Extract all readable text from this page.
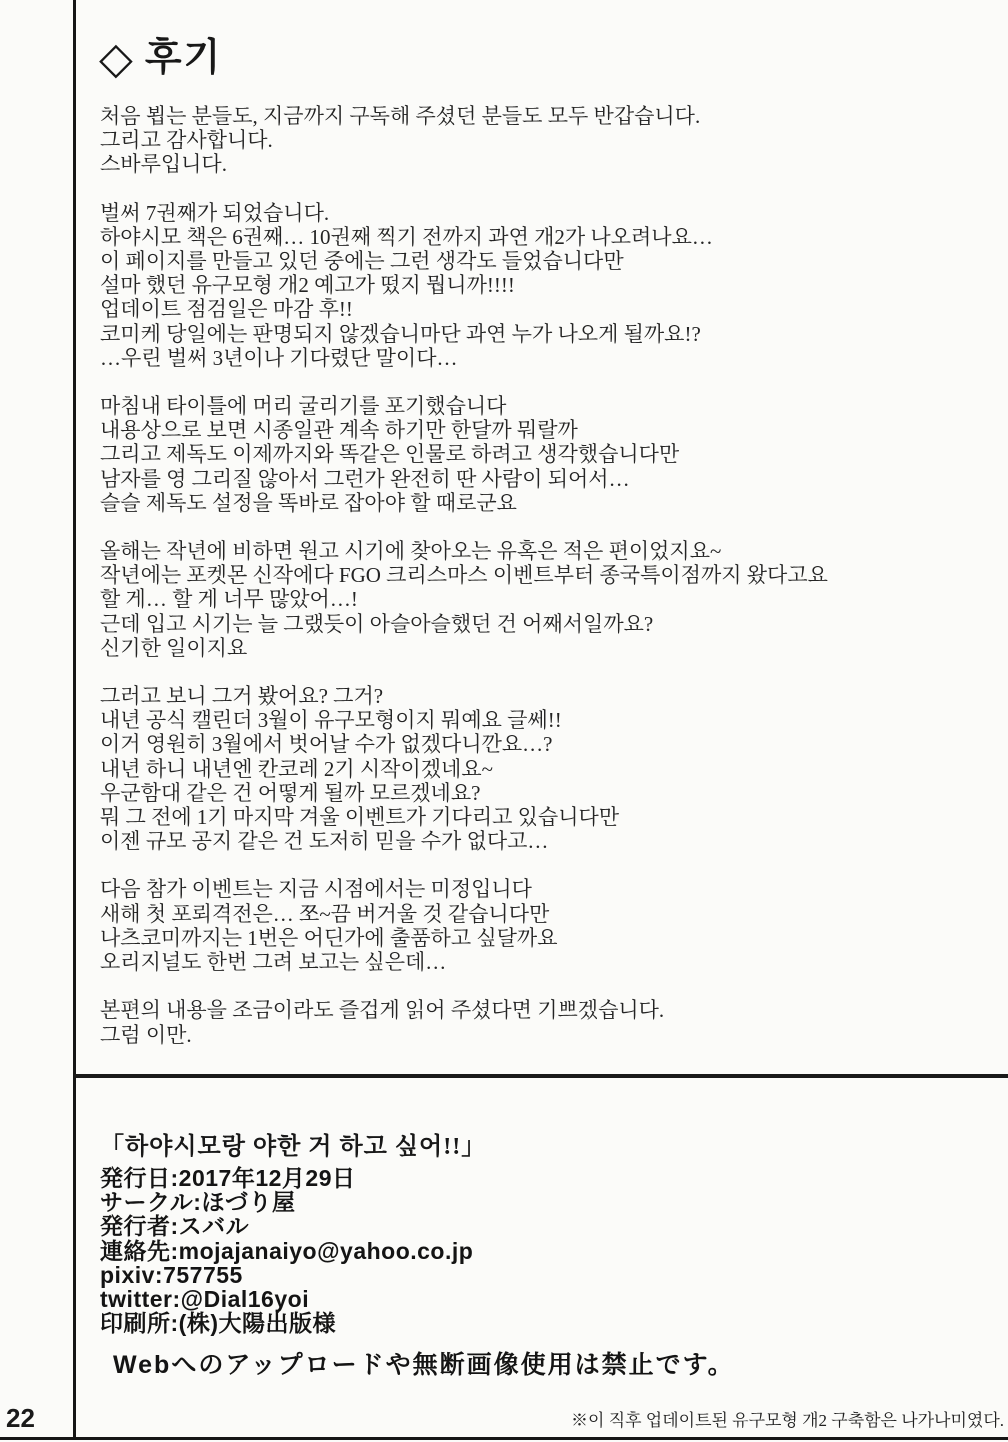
◇ 후기
처음 뵙는 분들도, 지금까지 구독해 주셨던 분들도 모두 반갑습니다.
그리고 감사합니다.
스바루입니다.
벌써 7권째가 되었습니다.
하야시모 책은 6권째… 10권째 찍기 전까지 과연 개2가 나오려나요…
이 페이지를 만들고 있던 중에는 그런 생각도 들었습니다만
설마 했던 유구모형 개2 예고가 떴지 뭡니까!!!!
업데이트 점검일은 마감 후!!
코미케 당일에는 판명되지 않겠습니마단 과연 누가 나오게 될까요!?
…우린 벌써 3년이나 기다렸단 말이다…
마침내 타이틀에 머리 굴리기를 포기했습니다
내용상으로 보면 시종일관 계속 하기만 한달까 뭐랄까
그리고 제독도 이제까지와 똑같은 인물로 하려고 생각했습니다만
남자를 영 그리질 않아서 그런가 완전히 딴 사람이 되어서…
슬슬 제독도 설정을 똑바로 잡아야 할 때로군요
올해는 작년에 비하면 원고 시기에 찾아오는 유혹은 적은 편이었지요~
작년에는 포켓몬 신작에다 FGO 크리스마스 이벤트부터 종국특이점까지 왔다고요
할 게… 할 게 너무 많았어…!
근데 입고 시기는 늘 그랬듯이 아슬아슬했던 건 어째서일까요?
신기한 일이지요
그러고 보니 그거 봤어요? 그거?
내년 공식 캘린더 3월이 유구모형이지 뭐예요 글쎄!!
이거 영원히 3월에서 벗어날 수가 없겠다니깐요…?
내년 하니 내년엔 칸코레 2기 시작이겠네요~
우군함대 같은 건 어떻게 될까 모르겠네요?
뭐 그 전에 1기 마지막 겨울 이벤트가 기다리고 있습니다만
이젠 규모 공지 같은 건 도저히 믿을 수가 없다고…
다음 참가 이벤트는 지금 시점에서는 미정입니다
새해 첫 포뢰격전은… 쪼~끔 버거울 것 같습니다만
나츠코미까지는 1번은 어딘가에 출품하고 싶달까요
오리지널도 한번 그려 보고는 싶은데…
본편의 내용을 조금이라도 즐겁게 읽어 주셨다면 기쁘겠습니다.
그럼 이만.
「하야시모랑 야한 거 하고 싶어!!」
発行日:2017年12月29日
サークル:ほづり屋
発行者:スバル
連絡先:mojajanaiyo@yahoo.co.jp
pixiv:757755
twitter:@Dial16yoi
印刷所:(株)大陽出版様
Webへのアップロードや無断画像使用は禁止です。
22	※이 직후 업데이트된 유구모형 개2 구축함은 나가나미였다.
